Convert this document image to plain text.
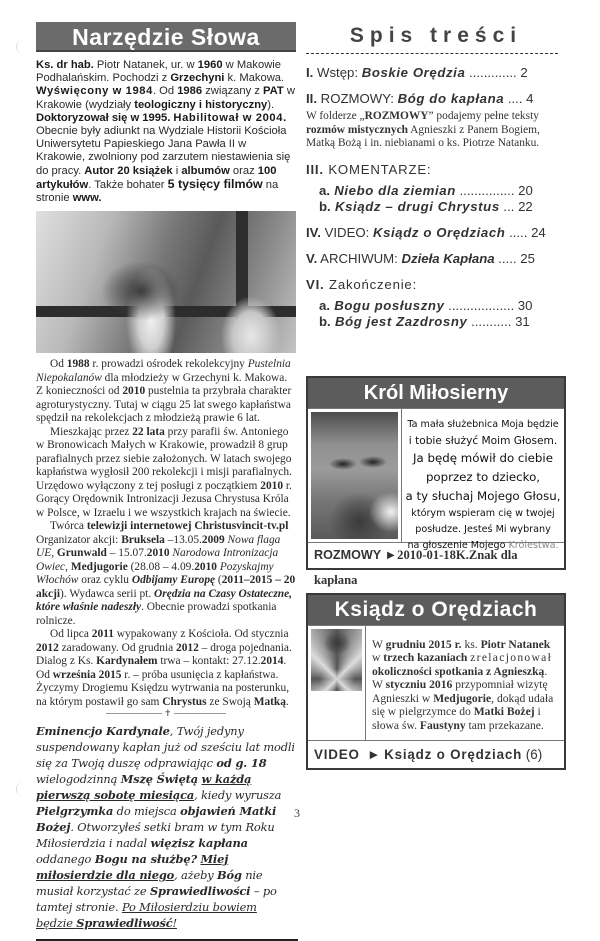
Narzędzie Słowa
Ks. dr hab. Piotr Natanek, ur. w 1960 w Makowie Podhalańskim. Pochodzi z Grzechyni k. Makowa. Wyświęcony w 1984. Od 1986 związany z PAT w Krakowie (wydziały teologiczny i historyczny). Doktoryzował się w 1995. Habilitował w 2004. Obecnie były adiunkt na Wydziale Historii Kościoła Uniwersytetu Papieskiego Jana Pawła II w Krakowie, zwolniony pod zarzutem niestawienia się do pracy. Autor 20 książek i albumów oraz 100 artykułów. Także bohater 5 tysięcy filmów na stronie www.

Od 1988 r. prowadzi ośrodek rekolekcyjny Pustelnia Niepokalanów dla młodzieży w Grzechyni k. Makowa. Z konieczności od 2010 pustelnia ta przybrała charakter agroturystyczny. Tutaj w ciągu 25 lat swego kapłaństwa spędził na rekolekcjach z młodzieżą prawie 6 lat.

Mieszkając przez 22 lata przy parafii św. Antoniego w Bronowicach Małych w Krakowie, prowadził 8 grup parafialnych przez siebie założonych. W latach swojego kapłaństwa wygłosił 200 rekolekcji i misji parafialnych. Urzędowo wyłączony z tej posługi z początkiem 2010 r. Gorący Orędownik Intronizacji Jezusa Chrystusa Króla w Polsce, w Izraelu i we wszystkich krajach na świecie.

Twórca telewizji internetowej Christusvincit-tv.pl Organizator akcji: Bruksela –13.05.2009 Nowa flaga UE, Grunwald – 15.07.2010 Narodowa Intronizacja Owiec, Medjugorie (28.08 – 4.09.2010 Pozyskajmy Włochów oraz cyklu Odbijamy Europę (2011–2015 – 20 akcji). Wydawca serii pt. Orędzia na Czasy Ostateczne, które właśnie nadeszły. Obecnie prowadzi spotkania rolnicze.

Od lipca 2011 wypakowany z Kościoła. Od stycznia 2012 zaradowany. Od grudnia 2012 – droga pojednania. Dialog z Ks. Kardynałem trwa – kontakt: 27.12.2014. Od września 2015 r. – próba usunięcia z kapłaństwa. Życzymy Drogiemu Księdzu wytrwania na posterunku, na którym postawił go sam Chrystus ze Swoją Matką.

✝
Eminencjo Kardynale, Twój jedyny suspendowany kapłan już od sześciu lat modli się za Twoją duszę odprawiając od g. 18 wielogodzinną Mszę Świętą w każdą pierwszą sobotę miesiąca, kiedy wyrusza Pielgrzymka do miejsca objawień Matki Bożej. Otworzyłeś setki bram w tym Roku Miłosierdzia i nadal więzisz kapłana oddanego Bogu na służbę? Miej miłosierdzie dla niego, ażeby Bóg nie musiał korzystać ze Sprawiedliwości – po tamtej stronie. Po Miłosierdziu bowiem będzie Sprawiedliwość!
Spis treści
I. Wstęp: Boskie Orędzia ............. 2
II. ROZMOWY: Bóg do kapłana .... 4
W folderze „ROZMOWY” podajemy pełne teksty rozmów mistycznych Agnieszki z Panem Bogiem, Matką Bożą i in. niebianami o ks. Piotrze Natanku.
III. KOMENTARZE:
a. Niebo dla ziemian ............... 20
b. Ksiądz – drugi Chrystus ... 22
IV. VIDEO: Ksiądz o Orędziach ..... 24
V. ARCHIWUM: Dzieła Kapłana ..... 25
VI. Zakończenie:
a. Bogu posłuszny .................. 30
b. Bóg jest Zazdrosny ........... 31
Król Miłosierny
Ta mała służebnica Moja będzie
i tobie służyć Moim Głosem.
Ja będę mówił do ciebie
poprzez to dziecko,
a ty słuchaj Mojego Głosu,
którym wspieram cię w twojej
posłudze. Jesteś Mi wybrany
na głoszenie Mojego Królestwa.
ROZMOWY ►2010-01-18K.Znak dla kapłana
Ksiądz o Orędziach
W grudniu 2015 r. ks. Piotr Natanek w trzech kazaniach zrelacjonował okoliczności spotkania z Agnieszką. W styczniu 2016 przypomniał wizytę Agnieszki w Medjugorie, dokąd udała się w pielgrzymce do Matki Bożej i słowa św. Faustyny tam przekazane.
VIDEO ► Ksiądz o Orędziach (6)
3
